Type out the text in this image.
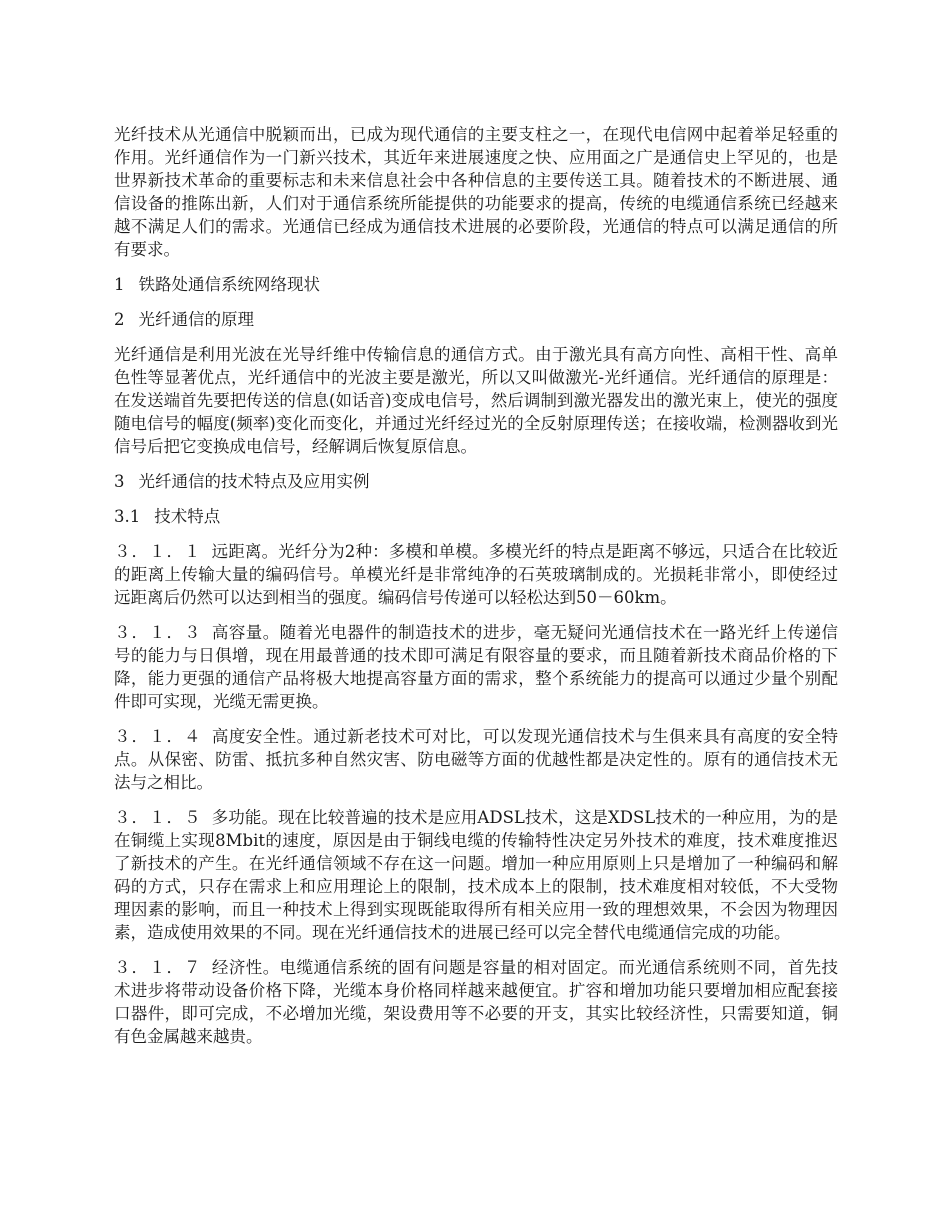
光纤技术从光通信中脱颖而出，已成为现代通信的主要支柱之一，在现代电信网中起着举足轻重的作用。光纤通信作为一门新兴技术，其近年来进展速度之快、应用面之广是通信史上罕见的，也是世界新技术革命的重要标志和未来信息社会中各种信息的主要传送工具。随着技术的不断进展、通信设备的推陈出新，人们对于通信系统所能提供的功能要求的提高，传统的电缆通信系统已经越来越不满足人们的需求。光通信已经成为通信技术进展的必要阶段，光通信的特点可以满足通信的所有要求。

1 铁路处通信系统网络现状

2 光纤通信的原理

光纤通信是利用光波在光导纤维中传输信息的通信方式。由于激光具有高方向性、高相干性、高单色性等显著优点，光纤通信中的光波主要是激光，所以又叫做激光-光纤通信。光纤通信的原理是：在发送端首先要把传送的信息(如话音)变成电信号，然后调制到激光器发出的激光束上，使光的强度随电信号的幅度(频率)变化而变化，并通过光纤经过光的全反射原理传送；在接收端，检测器收到光信号后把它变换成电信号，经解调后恢复原信息。

3 光纤通信的技术特点及应用实例

3.1 技术特点

３．１．１ 远距离。光纤分为2种：多模和单模。多模光纤的特点是距离不够远，只适合在比较近的距离上传输大量的编码信号。单模光纤是非常纯净的石英玻璃制成的。光损耗非常小，即使经过远距离后仍然可以达到相当的强度。编码信号传递可以轻松达到50－60km。

３．１．３ 高容量。随着光电器件的制造技术的进步，毫无疑问光通信技术在一路光纤上传递信号的能力与日俱增，现在用最普通的技术即可满足有限容量的要求，而且随着新技术商品价格的下降，能力更强的通信产品将极大地提高容量方面的需求，整个系统能力的提高可以通过少量个别配件即可实现，光缆无需更换。

３．１．４ 高度安全性。通过新老技术可对比，可以发现光通信技术与生俱来具有高度的安全特点。从保密、防雷、抵抗多种自然灾害、防电磁等方面的优越性都是决定性的。原有的通信技术无法与之相比。

３．１．５ 多功能。现在比较普遍的技术是应用ADSL技术，这是XDSL技术的一种应用，为的是在铜缆上实现8Mbit的速度，原因是由于铜线电缆的传输特性决定另外技术的难度，技术难度推迟了新技术的产生。在光纤通信领域不存在这一问题。增加一种应用原则上只是增加了一种编码和解码的方式，只存在需求上和应用理论上的限制，技术成本上的限制，技术难度相对较低，不大受物理因素的影响，而且一种技术上得到实现既能取得所有相关应用一致的理想效果，不会因为物理因素，造成使用效果的不同。现在光纤通信技术的进展已经可以完全替代电缆通信完成的功能。

３．１．７ 经济性。电缆通信系统的固有问题是容量的相对固定。而光通信系统则不同，首先技术进步将带动设备价格下降，光缆本身价格同样越来越便宜。扩容和增加功能只要增加相应配套接口器件，即可完成，不必增加光缆，架设费用等不必要的开支，其实比较经济性，只需要知道，铜有色金属越来越贵。
